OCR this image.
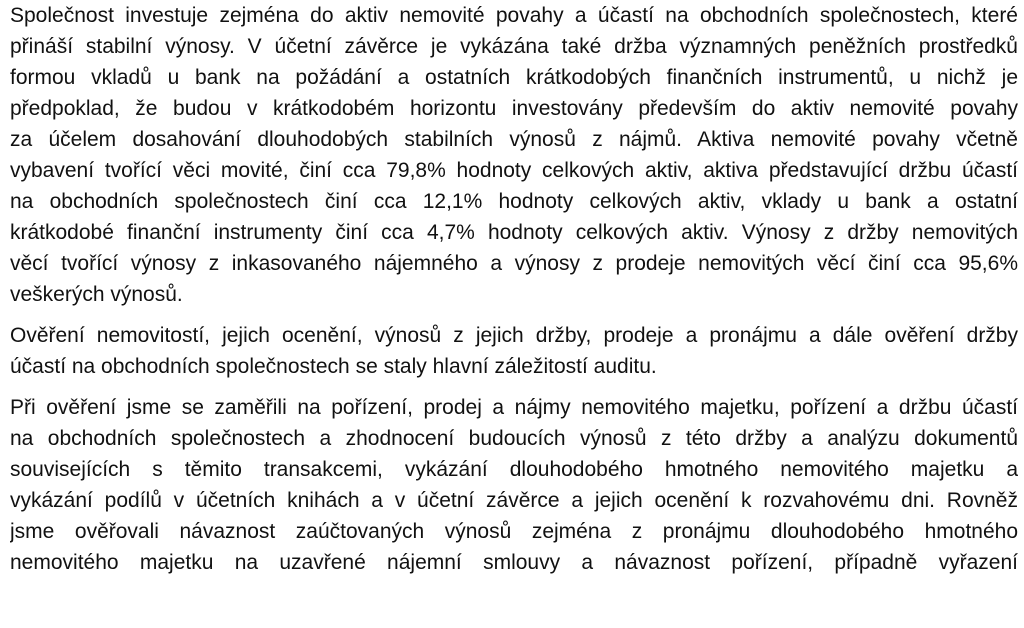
Společnost investuje zejména do aktiv nemovité povahy a účastí na obchodních společnostech, které
přináší stabilní výnosy. V účetní závěrce je vykázána také držba významných peněžních prostředků
formou vkladů u bank na požádání a ostatních krátkodobých finančních instrumentů, u nichž je
předpoklad, že budou v krátkodobém horizontu investovány především do aktiv nemovité povahy
za účelem dosahování dlouhodobých stabilních výnosů z nájmů. Aktiva nemovité povahy včetně
vybavení tvořící věci movité, činí cca 79,8% hodnoty celkových aktiv, aktiva představující držbu účastí
na obchodních společnostech činí cca 12,1% hodnoty celkových aktiv, vklady u bank a ostatní
krátkodobé finanční instrumenty činí cca 4,7% hodnoty celkových aktiv. Výnosy z držby nemovitých
věcí tvořící výnosy z inkasovaného nájemného a výnosy z prodeje nemovitých věcí činí cca 95,6%
veškerých výnosů.

Ověření nemovitostí, jejich ocenění, výnosů z jejich držby, prodeje a pronájmu a dále ověření držby
účastí na obchodních společnostech se staly hlavní záležitostí auditu.

Při ověření jsme se zaměřili na pořízení, prodej a nájmy nemovitého majetku, pořízení a držbu účastí
na obchodních společnostech a zhodnocení budoucích výnosů z této držby a analýzu dokumentů
souvisejících s těmito transakcemi, vykázání dlouhodobého hmotného nemovitého majetku a
vykázání podílů v účetních knihách a v účetní závěrce a jejich ocenění k rozvahovému dni. Rovněž
jsme ověřovali návaznost zaúčtovaných výnosů zejména z pronájmu dlouhodobého hmotného
nemovitého majetku na uzavřené nájemní smlouvy a návaznost pořízení, případně vyřazení
